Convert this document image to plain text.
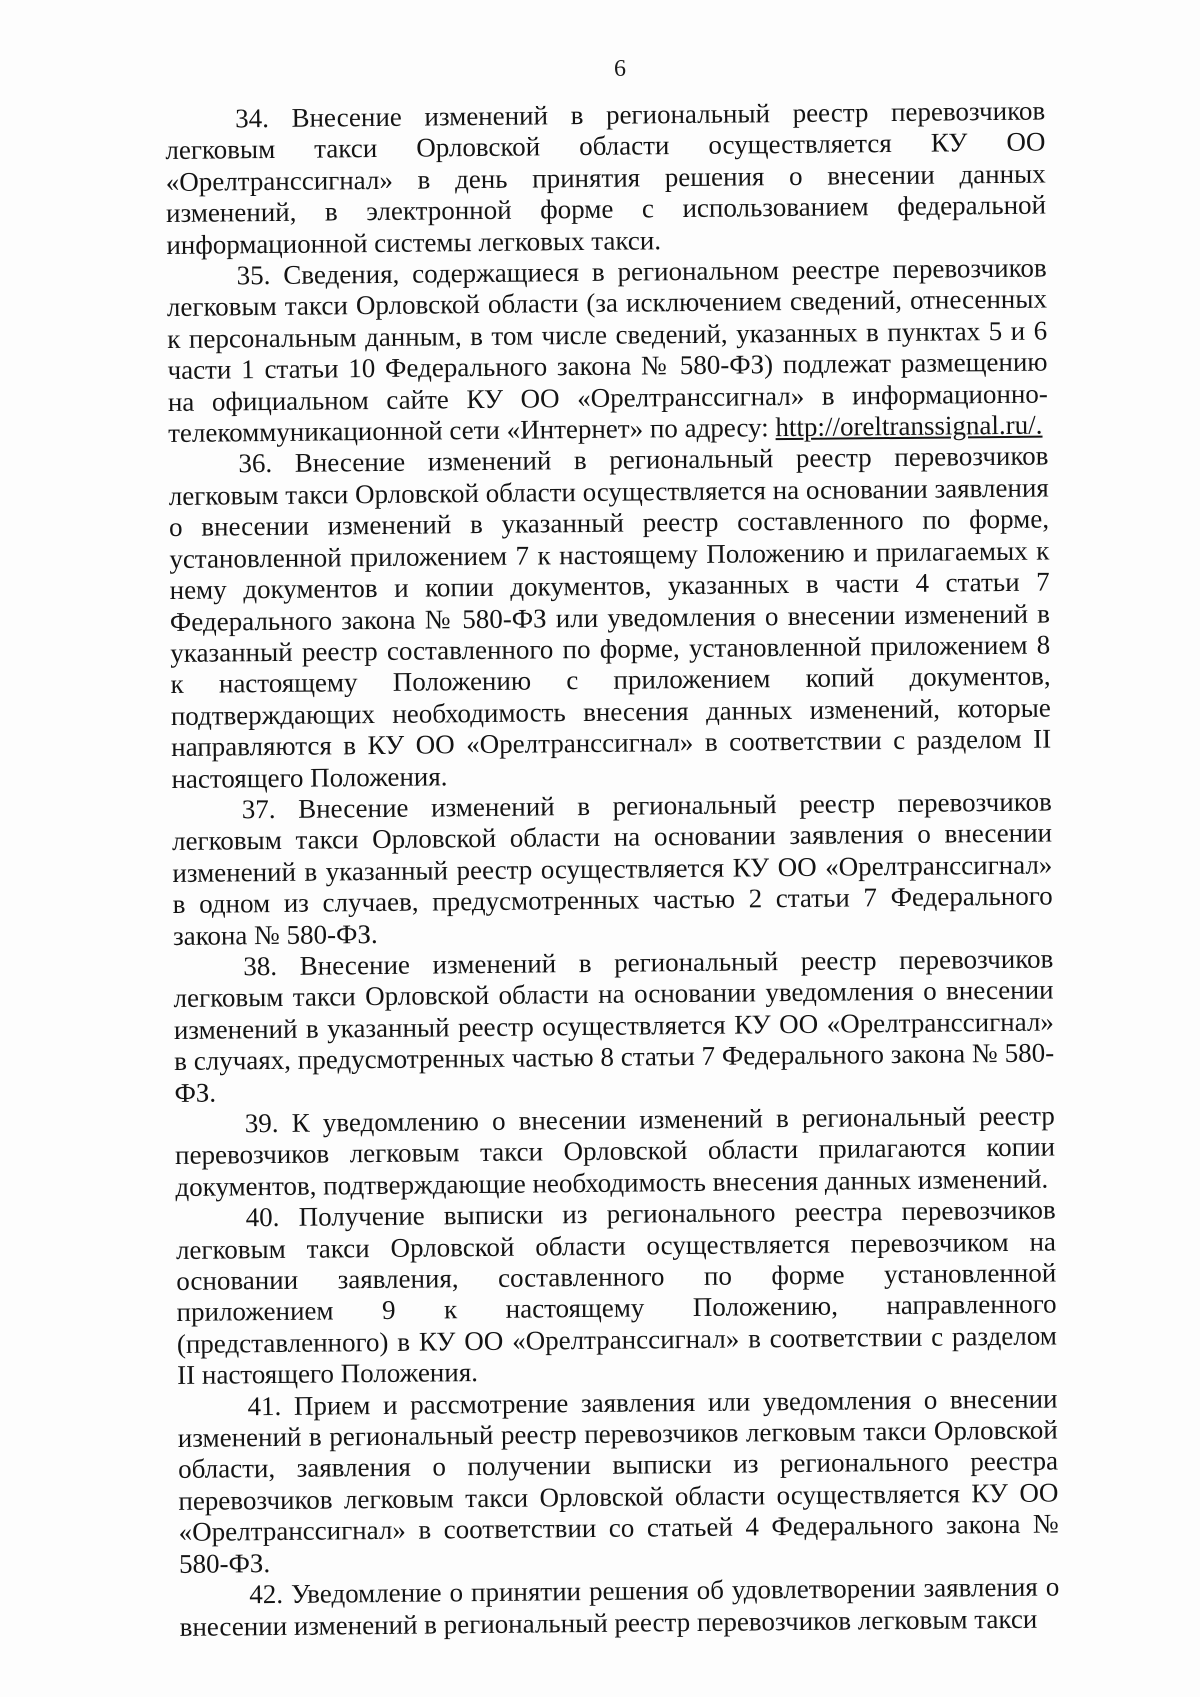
6

34. Внесение изменений в региональный реестр перевозчиков легковым такси Орловской области осуществляется КУ ОО «Орелтранссигнал» в день принятия решения о внесении данных изменений, в электронной форме с использованием федеральной информационной системы легковых такси.

35. Сведения, содержащиеся в региональном реестре перевозчиков легковым такси Орловской области (за исключением сведений, отнесенных к персональным данным, в том числе сведений, указанных в пунктах 5 и 6 части 1 статьи 10 Федерального закона № 580-ФЗ) подлежат размещению на официальном сайте КУ ОО «Орелтранссигнал» в информационно-телекоммуникационной сети «Интернет» по адресу: http://oreltranssignal.ru/.

36. Внесение изменений в региональный реестр перевозчиков легковым такси Орловской области осуществляется на основании заявления о внесении изменений в указанный реестр составленного по форме, установленной приложением 7 к настоящему Положению и прилагаемых к нему документов и копии документов, указанных в части 4 статьи 7 Федерального закона № 580-ФЗ или уведомления о внесении изменений в указанный реестр составленного по форме, установленной приложением 8 к настоящему Положению с приложением копий документов, подтверждающих необходимость внесения данных изменений, которые направляются в КУ ОО «Орелтранссигнал» в соответствии с разделом II настоящего Положения.

37. Внесение изменений в региональный реестр перевозчиков легковым такси Орловской области на основании заявления о внесении изменений в указанный реестр осуществляется КУ ОО «Орелтранссигнал» в одном из случаев, предусмотренных частью 2 статьи 7 Федерального закона № 580-ФЗ.

38. Внесение изменений в региональный реестр перевозчиков легковым такси Орловской области на основании уведомления о внесении изменений в указанный реестр осуществляется КУ ОО «Орелтранссигнал» в случаях, предусмотренных частью 8 статьи 7 Федерального закона № 580-ФЗ.

39. К уведомлению о внесении изменений в региональный реестр перевозчиков легковым такси Орловской области прилагаются копии документов, подтверждающие необходимость внесения данных изменений.

40. Получение выписки из регионального реестра перевозчиков легковым такси Орловской области осуществляется перевозчиком на основании заявления, составленного по форме установленной приложением 9 к настоящему Положению, направленного (представленного) в КУ ОО «Орелтранссигнал» в соответствии с разделом II настоящего Положения.

41. Прием и рассмотрение заявления или уведомления о внесении изменений в региональный реестр перевозчиков легковым такси Орловской области, заявления о получении выписки из регионального реестра перевозчиков легковым такси Орловской области осуществляется КУ ОО «Орелтранссигнал» в соответствии со статьей 4 Федерального закона № 580-ФЗ.

42. Уведомление о принятии решения об удовлетворении заявления о внесении изменений в региональный реестр перевозчиков легковым такси
